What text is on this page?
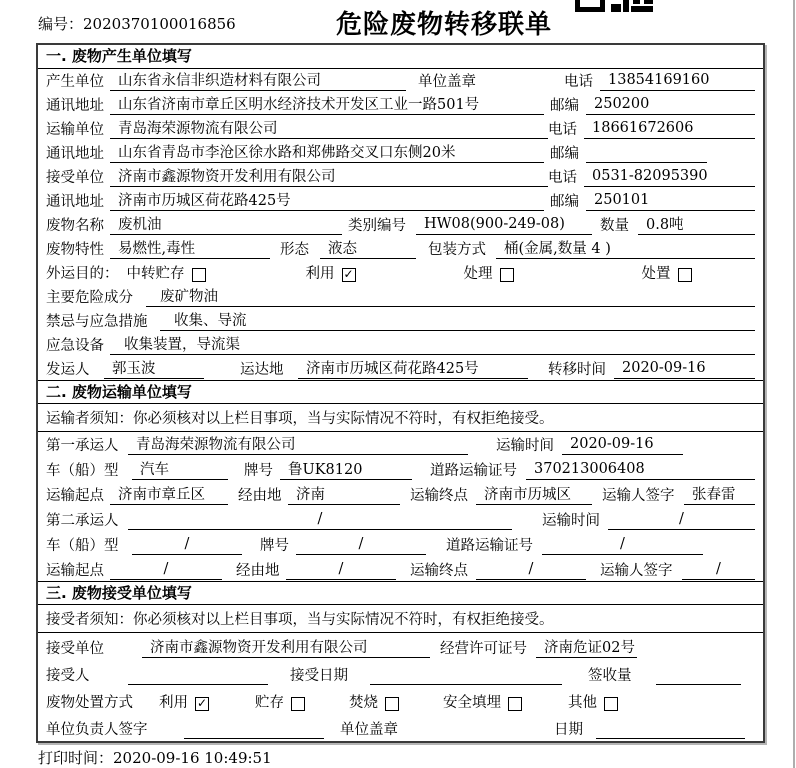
编号：2020370100016856	危险废物转移联单
一. 废物产生单位填写
产生单位 山东省永信非织造材料有限公司	单位盖章	电话	13854169160
通讯地址 山东省济南市章丘区明水经济技术开发区工业一路501号	邮编	250200
运输单位 青岛海荣源物流有限公司	电话	18661672606
通讯地址 山东省青岛市李沧区徐水路和郑佛路交叉口东侧20米	邮编
接受单位 济南市鑫源物资开发利用有限公司	电话	0531-82095390
通讯地址 济南市历城区荷花路425号	邮编	250101
废物名称 废机油	类别编号	HW08(900-249-08)	数量	0.8吨
废物特性 易燃性,毒性	形态	液态	包装方式	桶(金属,数量 4 )
外运目的： 中转贮存	利用 ✓	处理	处置
主要危险成分	废矿物油
禁忌与应急措施	收集、导流
应急设备	收集装置，导流渠
发运人	郭玉波	运达地	济南市历城区荷花路425号	转移时间	2020-09-16
二. 废物运输单位填写
运输者须知：你必须核对以上栏目事项，当与实际情况不符时，有权拒绝接受。
第一承运人	青岛海荣源物流有限公司	运输时间	2020-09-16
车（船）型	汽车	牌号	鲁UK8120	道路运输证号	370213006408
运输起点 济南市章丘区	经由地	济南	运输终点	济南市历城区	运输人签字	张春雷
第二承运人	/	运输时间	/
车（船）型	/	牌号	/	道路运输证号	/
运输起点	/	经由地	/	运输终点	/	运输人签字	/
三. 废物接受单位填写
接受者须知：你必须核对以上栏目事项，当与实际情况不符时，有权拒绝接受。
接受单位	济南市鑫源物资开发利用有限公司	经营许可证号	济南危证02号
接受人	接受日期	签收量
废物处置方式 利用 ✓	贮存	焚烧	安全填埋	其他
单位负责人签字	单位盖章	日期
打印时间：2020-09-16 10:49:51
